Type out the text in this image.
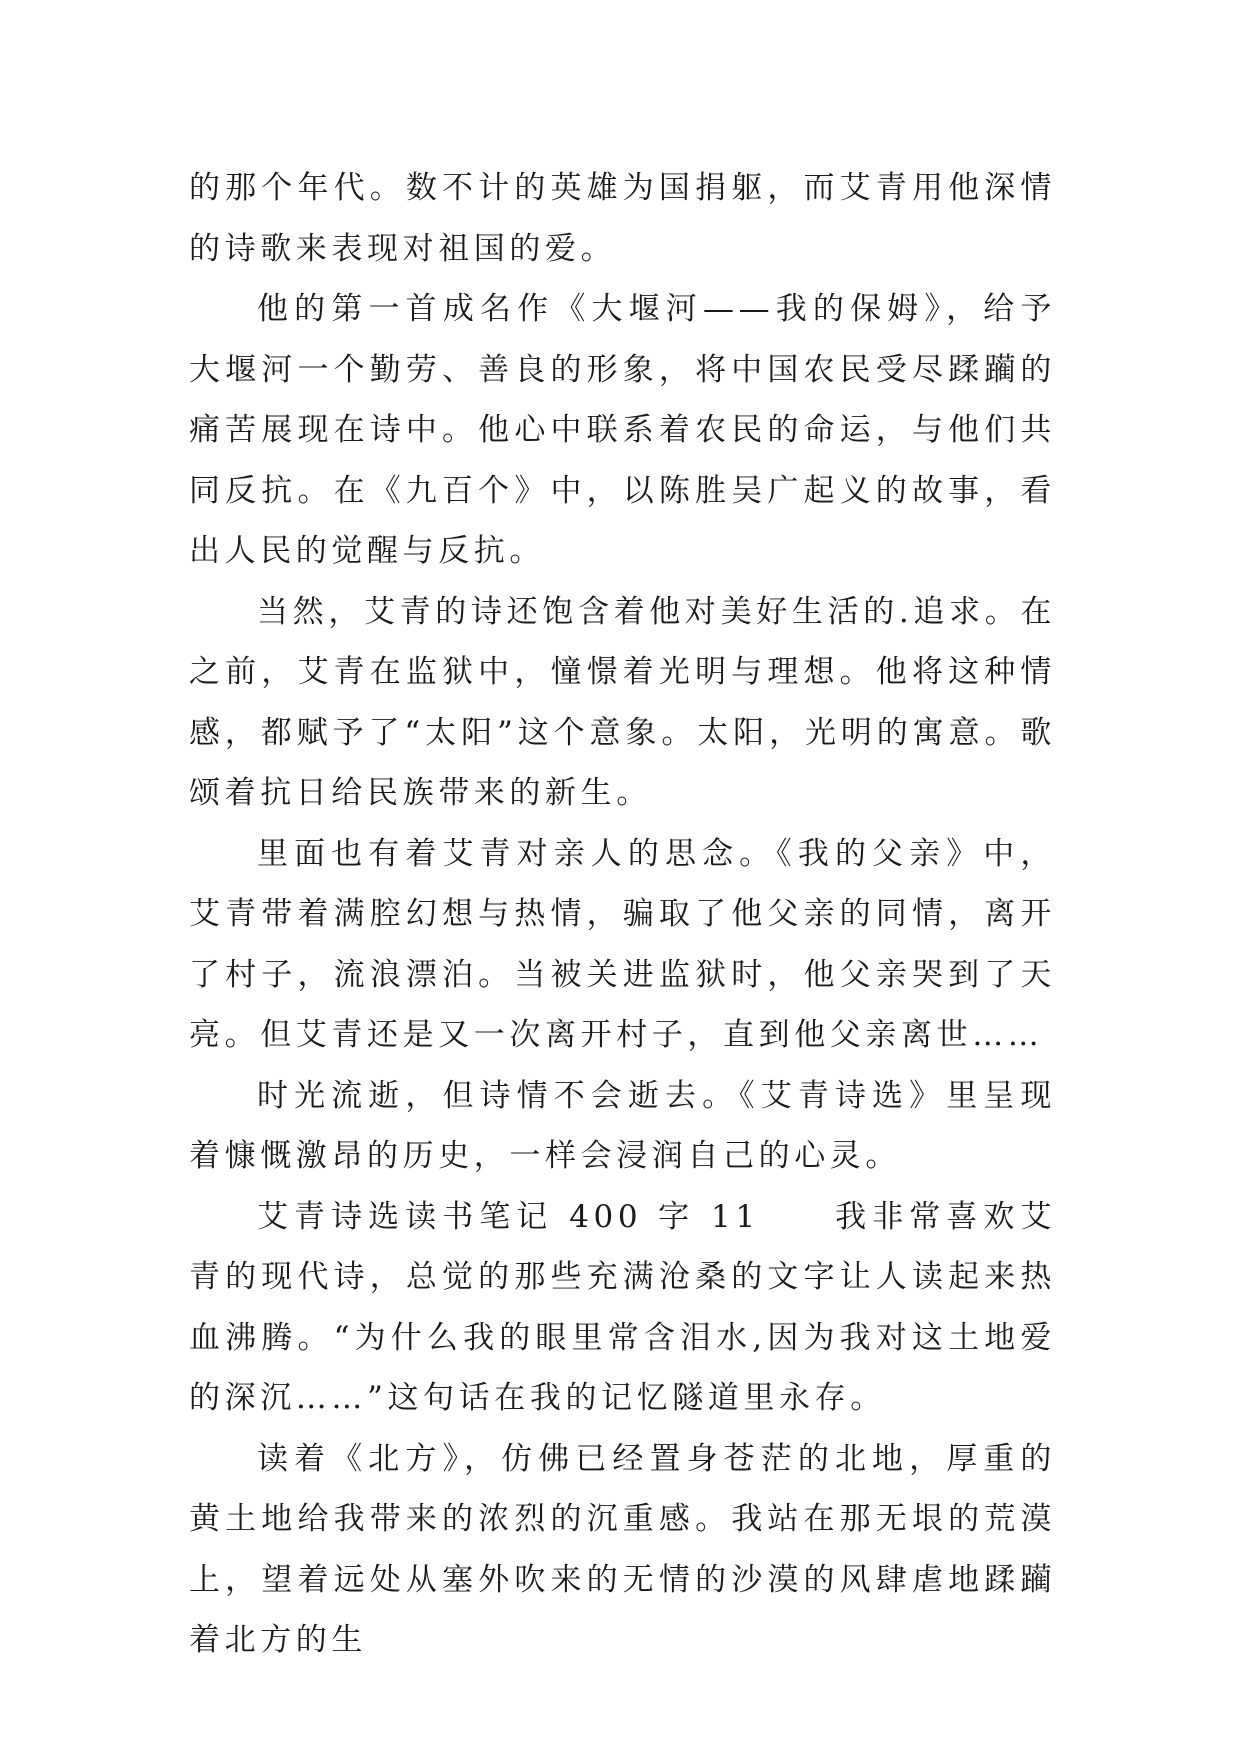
的那个年代。数不计的英雄为国捐躯，而艾青用他深情的诗歌来表现对祖国的爱。

他的第一首成名作《大堰河——我的保姆》，给予大堰河一个勤劳、善良的形象，将中国农民受尽蹂躏的痛苦展现在诗中。他心中联系着农民的命运，与他们共同反抗。在《九百个》中，以陈胜吴广起义的故事，看出人民的觉醒与反抗。

当然，艾青的诗还饱含着他对美好生活的.追求。在之前，艾青在监狱中，憧憬着光明与理想。他将这种情感，都赋予了“太阳”这个意象。太阳，光明的寓意。歌颂着抗日给民族带来的新生。

里面也有着艾青对亲人的思念。《我的父亲》中，艾青带着满腔幻想与热情，骗取了他父亲的同情，离开了村子，流浪漂泊。当被关进监狱时，他父亲哭到了天亮。但艾青还是又一次离开村子，直到他父亲离世……

时光流逝，但诗情不会逝去。《艾青诗选》里呈现着慷慨激昂的历史，一样会浸润自己的心灵。

艾青诗选读书笔记 400 字 11　　我非常喜欢艾青的现代诗，总觉的那些充满沧桑的文字让人读起来热血沸腾。“为什么我的眼里常含泪水,因为我对这土地爱的深沉……”这句话在我的记忆隧道里永存。

读着《北方》，仿佛已经置身苍茫的北地，厚重的黄土地给我带来的浓烈的沉重感。我站在那无垠的荒漠上，望着远处从塞外吹来的无情的沙漠的风肆虐地蹂躏着北方的生
